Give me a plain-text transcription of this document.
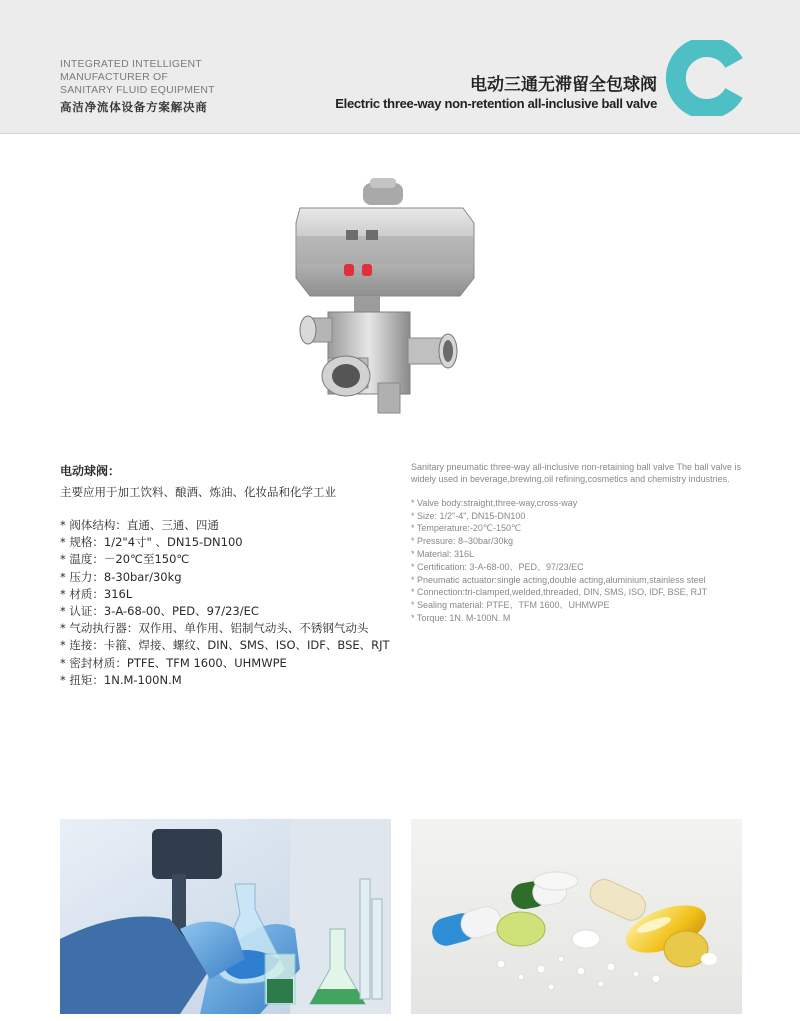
INTEGRATED INTELLIGENT
MANUFACTURER OF
SANITARY FLUID EQUIPMENT
高洁净流体设备方案解决商
电动三通无滞留全包球阀
Electric three-way non-retention all-inclusive ball valve
电动球阀：
主要应用于加工饮料、酿酒、炼油、化妆品和化学工业
* 阀体结构：直通、三通、四通
* 规格：1/2"4寸" 、DN15-DN100
* 温度：－20℃至150℃
* 压力：8-30bar/30kg
* 材质：316L
* 认证：3-A-68-00、PED、97/23/EC
* 气动执行器：双作用、单作用、铝制气动头、不锈钢气动头
* 连接：卡箍、焊接、螺纹、DIN、SMS、ISO、IDF、BSE、RJT
* 密封材质：PTFE、TFM 1600、UHMWPE
* 扭矩：1N.M-100N.M
Sanitary pneumatic three-way all-inclusive non-retaining ball valve The ball valve is widely used in beverage,brewing,oil refining,cosmetics and chemistry industries.
* Valve body:straight,three-way,cross-way
* Size: 1/2"-4", DN15-DN100
* Temperature:-20℃-150℃
* Pressure: 8–30bar/30kg
* Material: 316L
* Certification: 3-A-68-00、PED、97/23/EC
* Pneumatic actuator:single acting,double acting,aluminium,stainless steel
* Connection:tri-clamped,welded,threaded, DIN, SMS, ISO, IDF, BSE, RJT
* Sealing material: PTFE、TFM 1600、UHMWPE
* Torque: 1N. M-100N. M
